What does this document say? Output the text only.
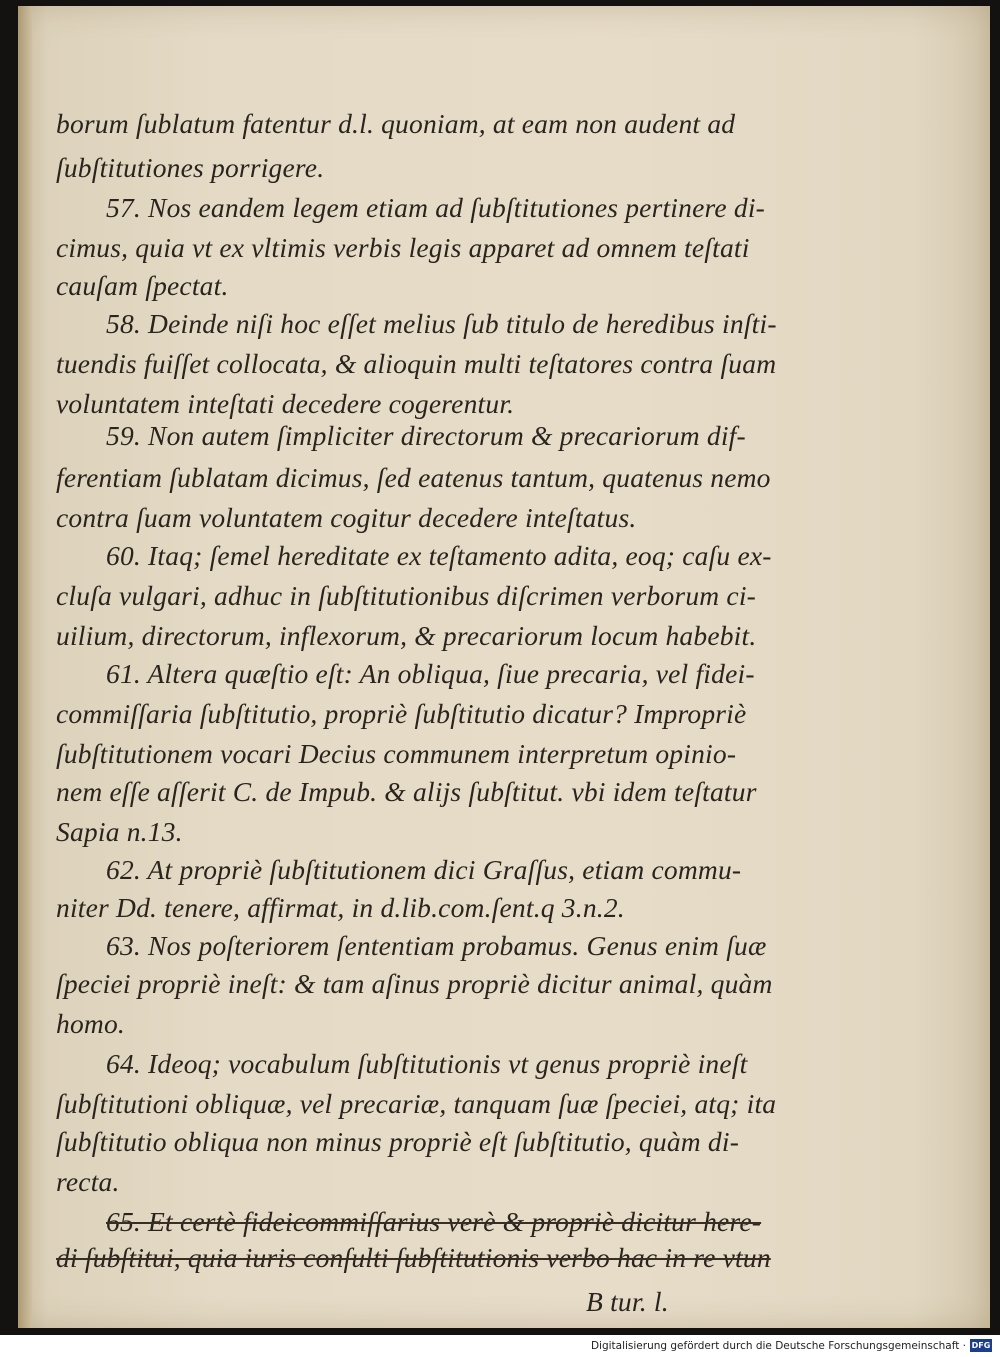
borum ſublatum fatentur d.l. quoniam, at eam non audent ad
ſubſtitutiones porrigere.
57. Nos eandem legem etiam ad ſubſtitutiones pertinere di-
cimus, quia vt ex vltimis verbis legis apparet ad omnem teſtati
cauſam ſpectat.
58. Deinde niſi hoc eſſet melius ſub titulo de heredibus inſti-
tuendis fuiſſet collocata, & alioquin multi teſtatores contra ſuam
voluntatem inteſtati decedere cogerentur.
59. Non autem ſimpliciter directorum & precariorum dif-
ferentiam ſublatam dicimus, ſed eatenus tantum, quatenus nemo
contra ſuam voluntatem cogitur decedere inteſtatus.
60. Itaq; ſemel hereditate ex teſtamento adita, eoq; caſu ex-
cluſa vulgari, adhuc in ſubſtitutionibus diſcrimen verborum ci-
uilium, directorum, inflexorum, & precariorum locum habebit.
61. Altera quæſtio eſt: An obliqua, ſiue precaria, vel fidei-
commiſſaria ſubſtitutio, propriè ſubſtitutio dicatur? Impropriè
ſubſtitutionem vocari Decius communem interpretum opinio-
nem eſſe aſſerit C. de Impub. & alijs ſubſtitut. vbi idem teſtatur
Sapia n.13.
62. At propriè ſubſtitutionem dici Graſſus, etiam commu-
niter Dd. tenere, affirmat, in d.lib.com.ſent.q 3.n.2.
63. Nos poſteriorem ſententiam probamus. Genus enim ſuæ
ſpeciei propriè ineſt: & tam aſinus propriè dicitur animal, quàm
homo.
64. Ideoq; vocabulum ſubſtitutionis vt genus propriè ineſt
ſubſtitutioni obliquæ, vel precariæ, tanquam ſuæ ſpeciei, atq; ita
ſubſtitutio obliqua non minus propriè eſt ſubſtitutio, quàm di-
recta.
65. Et certè fideicommiſſarius verè & propriè dicitur here-
di ſubſtitui, quia iuris conſulti ſubſtitutionis verbo hac in re vtun
B tur. l.
Digitalisierung gefördert durch die Deutsche Forschungsgemeinschaft · DFG
